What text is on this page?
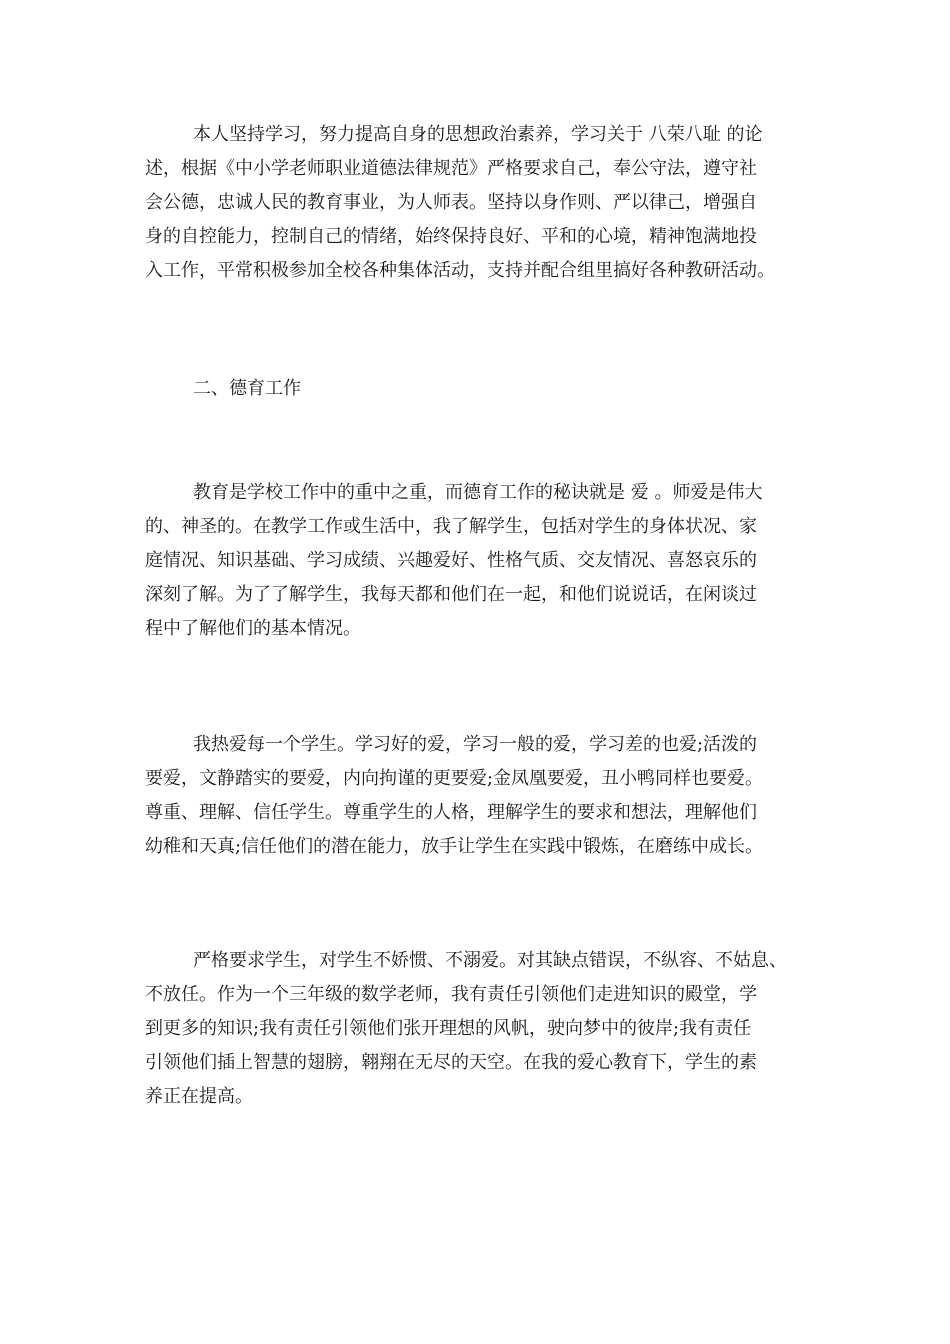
本人坚持学习，努力提高自身的思想政治素养，学习关于 八荣八耻 的论
述，根据《中小学老师职业道德法律规范》严格要求自己，奉公守法，遵守社
会公德，忠诚人民的教育事业，为人师表。坚持以身作则、严以律己，增强自
身的自控能力，控制自己的情绪，始终保持良好、平和的心境，精神饱满地投
入工作，平常积极参加全校各种集体活动，支持并配合组里搞好各种教研活动。
二、德育工作
教育是学校工作中的重中之重，而德育工作的秘诀就是 爱 。师爱是伟大
的、神圣的。在教学工作或生活中，我了解学生，包括对学生的身体状况、家
庭情况、知识基础、学习成绩、兴趣爱好、性格气质、交友情况、喜怒哀乐的
深刻了解。为了了解学生，我每天都和他们在一起，和他们说说话，在闲谈过
程中了解他们的基本情况。
我热爱每一个学生。学习好的爱，学习一般的爱，学习差的也爱;活泼的
要爱，文静踏实的要爱，内向拘谨的更要爱;金凤凰要爱，丑小鸭同样也要爱。
尊重、理解、信任学生。尊重学生的人格，理解学生的要求和想法，理解他们
幼稚和天真;信任他们的潜在能力，放手让学生在实践中锻炼，在磨练中成长。
严格要求学生，对学生不娇惯、不溺爱。对其缺点错误，不纵容、不姑息、
不放任。作为一个三年级的数学老师，我有责任引领他们走进知识的殿堂，学
到更多的知识;我有责任引领他们张开理想的风帆，驶向梦中的彼岸;我有责任
引领他们插上智慧的翅膀，翱翔在无尽的天空。在我的爱心教育下，学生的素
养正在提高。
